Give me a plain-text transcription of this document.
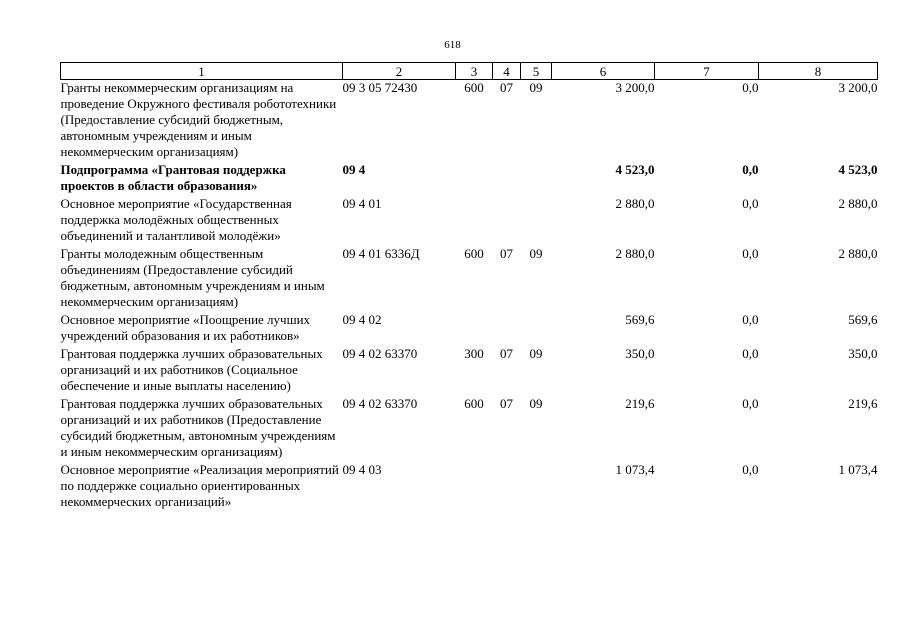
618
1	2	3	4	5	6	7	8
Гранты некоммерческим организациям на проведение Окружного фестиваля робототехники (Предоставление субсидий бюджетным, автономным учреждениям и иным некоммерческим организациям)	09 3 05 72430	600	07	09	3 200,0	0,0	3 200,0
Подпрограмма «Грантовая поддержка проектов в области образования»	09 4				4 523,0	0,0	4 523,0
Основное мероприятие «Государственная поддержка молодёжных общественных объединений и талантливой молодёжи»	09 4 01				2 880,0	0,0	2 880,0
Гранты молодежным общественным объединениям (Предоставление субсидий бюджетным, автономным учреждениям и иным некоммерческим организациям)	09 4 01 6336Д	600	07	09	2 880,0	0,0	2 880,0
Основное мероприятие «Поощрение лучших учреждений образования и их работников»	09 4 02				569,6	0,0	569,6
Грантовая поддержка лучших образовательных организаций и их работников (Социальное обеспечение и иные выплаты населению)	09 4 02 63370	300	07	09	350,0	0,0	350,0
Грантовая поддержка лучших образовательных организаций и их работников (Предоставление субсидий бюджетным, автономным учреждениям и иным некоммерческим организациям)	09 4 02 63370	600	07	09	219,6	0,0	219,6
Основное мероприятие «Реализация мероприятий по поддержке социально ориентированных некоммерческих организаций»	09 4 03				1 073,4	0,0	1 073,4
